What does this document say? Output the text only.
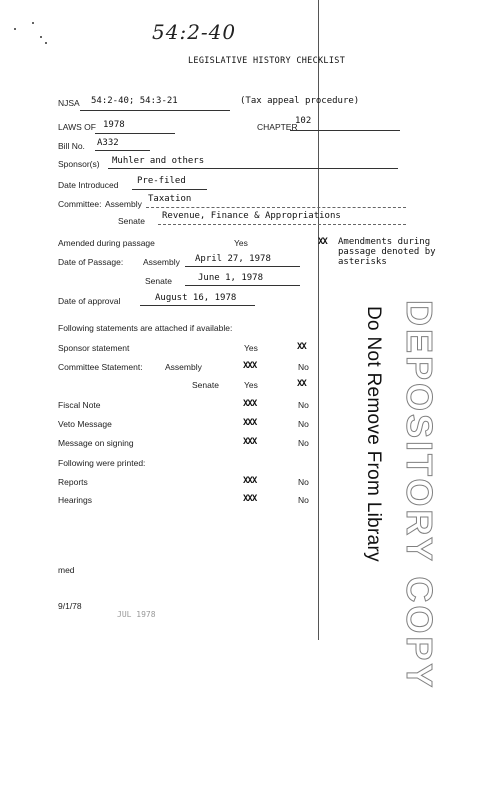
54:2-40
LEGISLATIVE HISTORY CHECKLIST
NJSA 54:2-40; 54:3-21	(Tax appeal procedure)
LAWS OF 1978	CHAPTER
102
Bill No. A332
Sponsor(s) Muhler and others
Date Introduced Pre-filed
Committee: Assembly Taxation
Senate Revenue, Finance & Appropriations
Amended during passage	Yes	XX Amendments during
passage denoted by
asterisks
Date of Passage: Assembly April 27, 1978
Senate	June 1, 1978
Date of approval	August 16, 1978
Following statements are attached if available:
Sponsor statement	Yes	XX
Committee Statement:	Assembly	XXX	No
Senate	Yes	XX
Fiscal Note	XXX	No
Veto Message	XXX	No
Message on signing	XXX	No
Following were printed:
Reports	XXX	No
Hearings	XXX	No
med
9/1/78
JUL 1978	DEPOSITORY COPY
Do Not Remove From Library
